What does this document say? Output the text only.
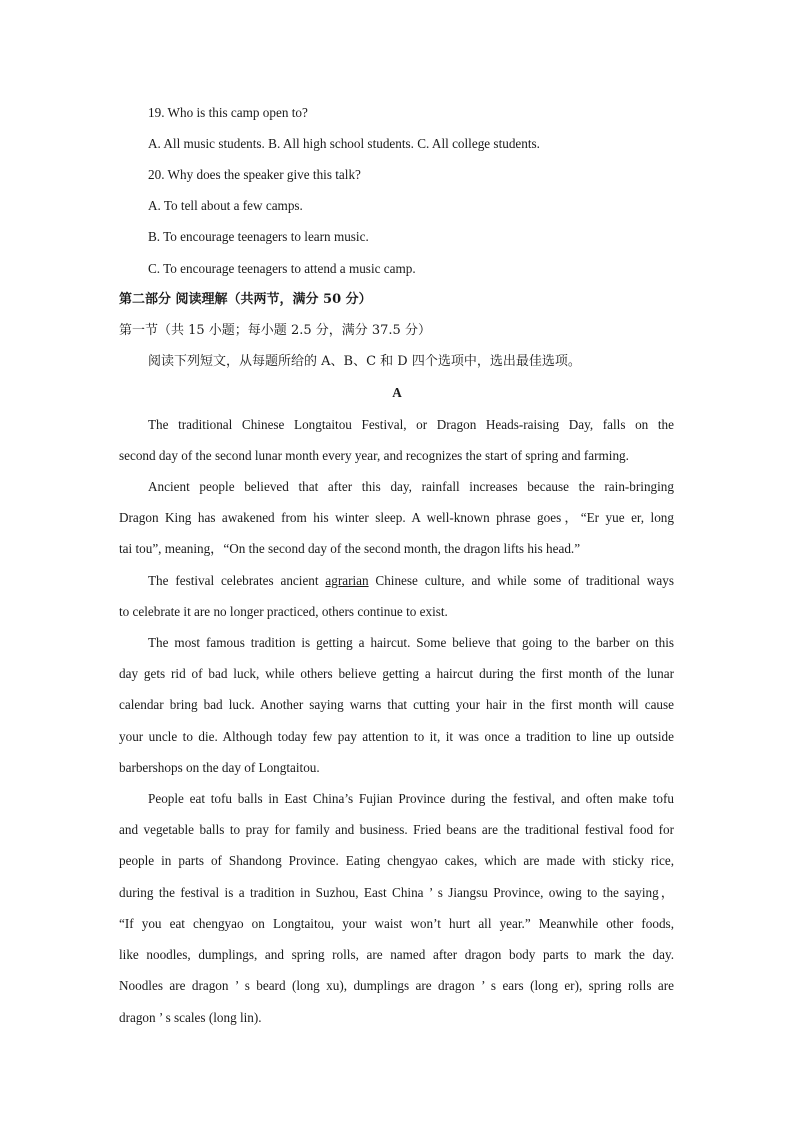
19. Who is this camp open to?
A. All music students. B. All high school students. C. All college students.
20. Why does the speaker give this talk?
A. To tell about a few camps.
B. To encourage teenagers to learn music.
C. To encourage teenagers to attend a music camp.
第二部分 阅读理解（共两节，满分 50 分）
第一节（共 15 小题；每小题 2.5 分，满分 37.5 分）
阅读下列短文，从每题所给的 A、B、C 和 D 四个选项中，选出最佳选项。
A
The traditional Chinese Longtaitou Festival, or Dragon Heads-raising Day, falls on the
second day of the second lunar month every year, and recognizes the start of spring and farming.
Ancient people believed that after this day, rainfall increases because the rain-bringing
Dragon King has awakened from his winter sleep. A well-known phrase goes，“Er yue er, long
tai tou”, meaning，“On the second day of the second month, the dragon lifts his head.”
The festival celebrates ancient agrarian Chinese culture, and while some of traditional ways
to celebrate it are no longer practiced, others continue to exist.
The most famous tradition is getting a haircut. Some believe that going to the barber on this
day gets rid of bad luck, while others believe getting a haircut during the first month of the lunar
calendar bring bad luck. Another saying warns that cutting your hair in the first month will cause
your uncle to die. Although today few pay attention to it, it was once a tradition to line up outside
barbershops on the day of Longtaitou.
People eat tofu balls in East China’s Fujian Province during the festival, and often make tofu
and vegetable balls to pray for family and business. Fried beans are the traditional festival food for
people in parts of Shandong Province. Eating chengyao cakes, which are made with sticky rice,
during the festival is a tradition in Suzhou, East China ’ s Jiangsu Province, owing to the saying，
“If you eat chengyao on Longtaitou, your waist won’t hurt all year.” Meanwhile other foods,
like noodles, dumplings, and spring rolls, are named after dragon body parts to mark the day.
Noodles are dragon ’ s beard (long xu), dumplings are dragon ’ s ears (long er), spring rolls are
dragon ’ s scales (long lin).
